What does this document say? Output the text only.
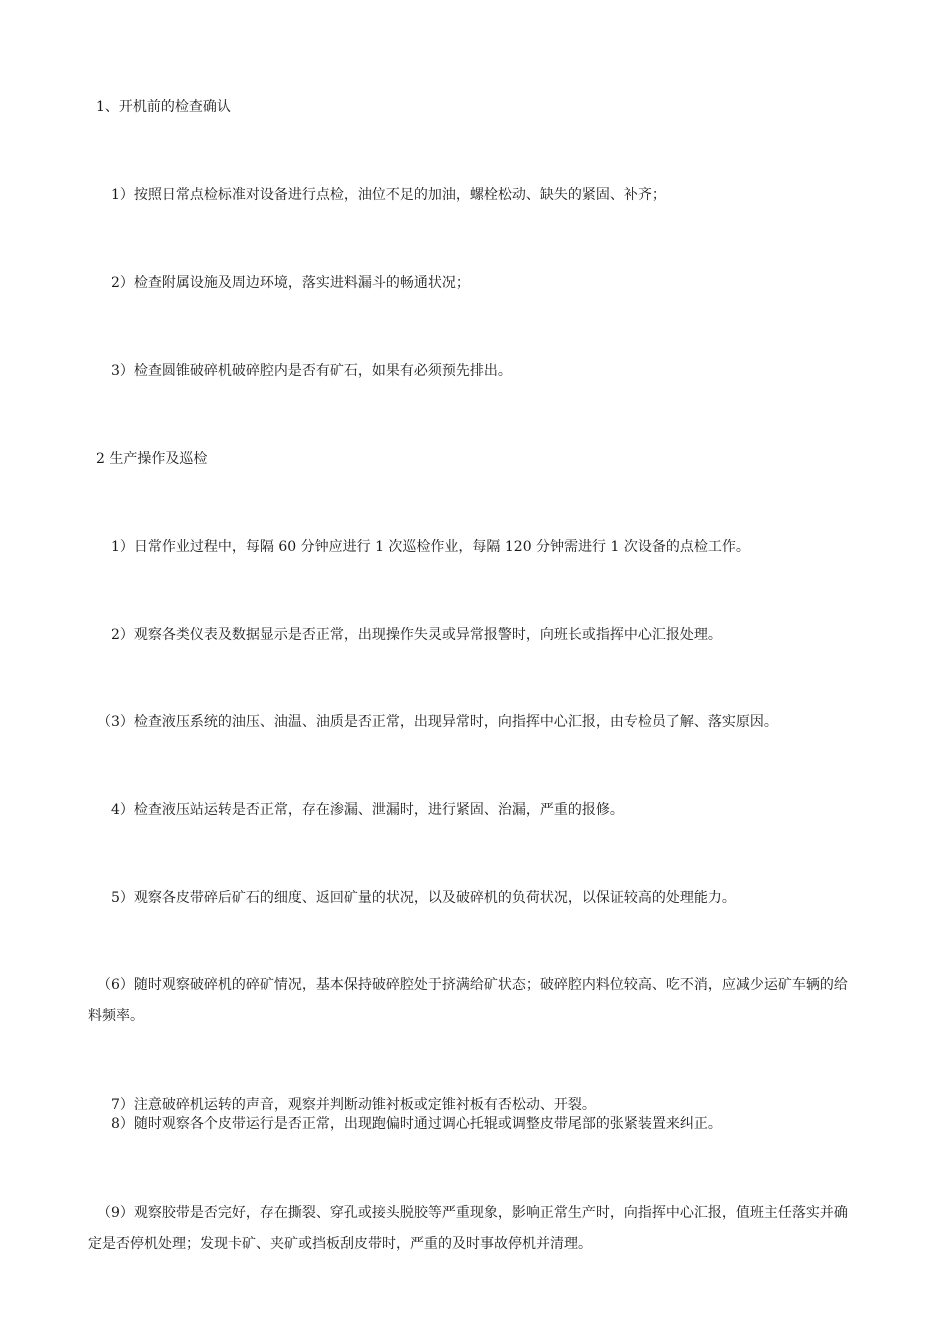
1、开机前的检查确认

1）按照日常点检标准对设备进行点检，油位不足的加油，螺栓松动、缺失的紧固、补齐；

2）检查附属设施及周边环境，落实进料漏斗的畅通状况；

3）检查圆锥破碎机破碎腔内是否有矿石，如果有必须预先排出。

2 生产操作及巡检

1）日常作业过程中，每隔 60 分钟应进行 1 次巡检作业，每隔 120 分钟需进行 1 次设备的点检工作。

2）观察各类仪表及数据显示是否正常，出现操作失灵或异常报警时，向班长或指挥中心汇报处理。

（3）检查液压系统的油压、油温、油质是否正常，出现异常时，向指挥中心汇报，由专检员了解、落实原因。

4）检查液压站运转是否正常，存在渗漏、泄漏时，进行紧固、治漏，严重的报修。

5）观察各皮带碎后矿石的细度、返回矿量的状况，以及破碎机的负荷状况，以保证较高的处理能力。

（6）随时观察破碎机的碎矿情况，基本保持破碎腔处于挤满给矿状态；破碎腔内料位较高、吃不消，应减少运矿车辆的给料频率。

7）注意破碎机运转的声音，观察并判断动锥衬板或定锥衬板有否松动、开裂。

8）随时观察各个皮带运行是否正常，出现跑偏时通过调心托辊或调整皮带尾部的张紧装置来纠正。

（9）观察胶带是否完好，存在撕裂、穿孔或接头脱胶等严重现象，影响正常生产时，向指挥中心汇报，值班主任落实并确定是否停机处理；发现卡矿、夹矿或挡板刮皮带时，严重的及时事故停机并清理。
